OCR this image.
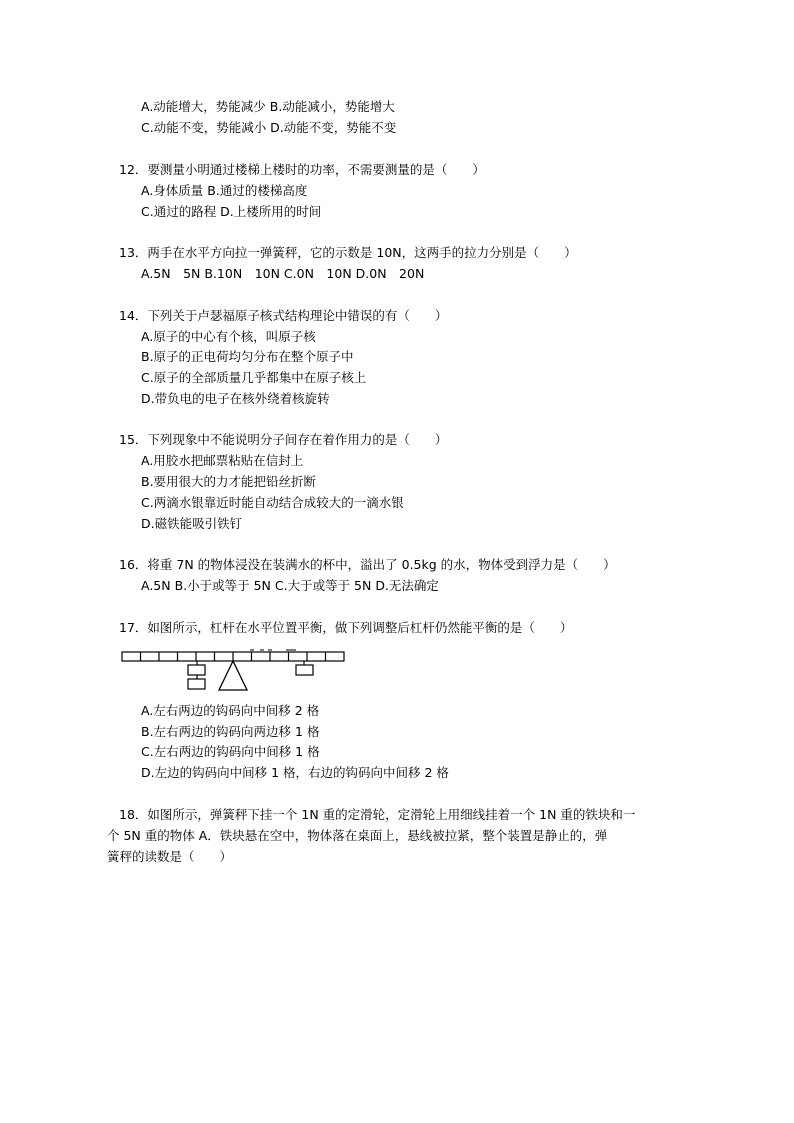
A.动能增大，势能减少 B.动能减小，势能增大
C.动能不变，势能减小 D.动能不变，势能不变
12．要测量小明通过楼梯上楼时的功率，不需要测量的是（　　）
A.身体质量 B.通过的楼梯高度
C.通过的路程 D.上楼所用的时间
13．两手在水平方向拉一弹簧秤，它的示数是 10N，这两手的拉力分别是（　　）
A.5N　5N B.10N　10N C.0N　10N D.0N　20N
14．下列关于卢瑟福原子核式结构理论中错误的有（　　）
A.原子的中心有个核，叫原子核
B.原子的正电荷均匀分布在整个原子中
C.原子的全部质量几乎都集中在原子核上
D.带负电的电子在核外绕着核旋转
15．下列现象中不能说明分子间存在着作用力的是（　　）
A.用胶水把邮票粘贴在信封上
B.要用很大的力才能把铅丝折断
C.两滴水银靠近时能自动结合成较大的一滴水银
D.磁铁能吸引铁钉
16．将重 7N 的物体浸没在装满水的杯中，溢出了 0.5kg 的水，物体受到浮力是（　　）
A.5N B.小于或等于 5N C.大于或等于 5N D.无法确定
17．如图所示，杠杆在水平位置平衡，做下列调整后杠杆仍然能平衡的是（　　）
A.左右两边的钩码向中间移 2 格
B.左右两边的钩码向两边移 1 格
C.左右两边的钩码向中间移 1 格
D.左边的钩码向中间移 1 格，右边的钩码向中间移 2 格
18．如图所示，弹簧秤下挂一个 1N 重的定滑轮，定滑轮上用细线挂着一个 1N 重的铁块和一
个 5N 重的物体 A．铁块悬在空中，物体落在桌面上，悬线被拉紧，整个装置是静止的，弹
簧秤的读数是（　　）
